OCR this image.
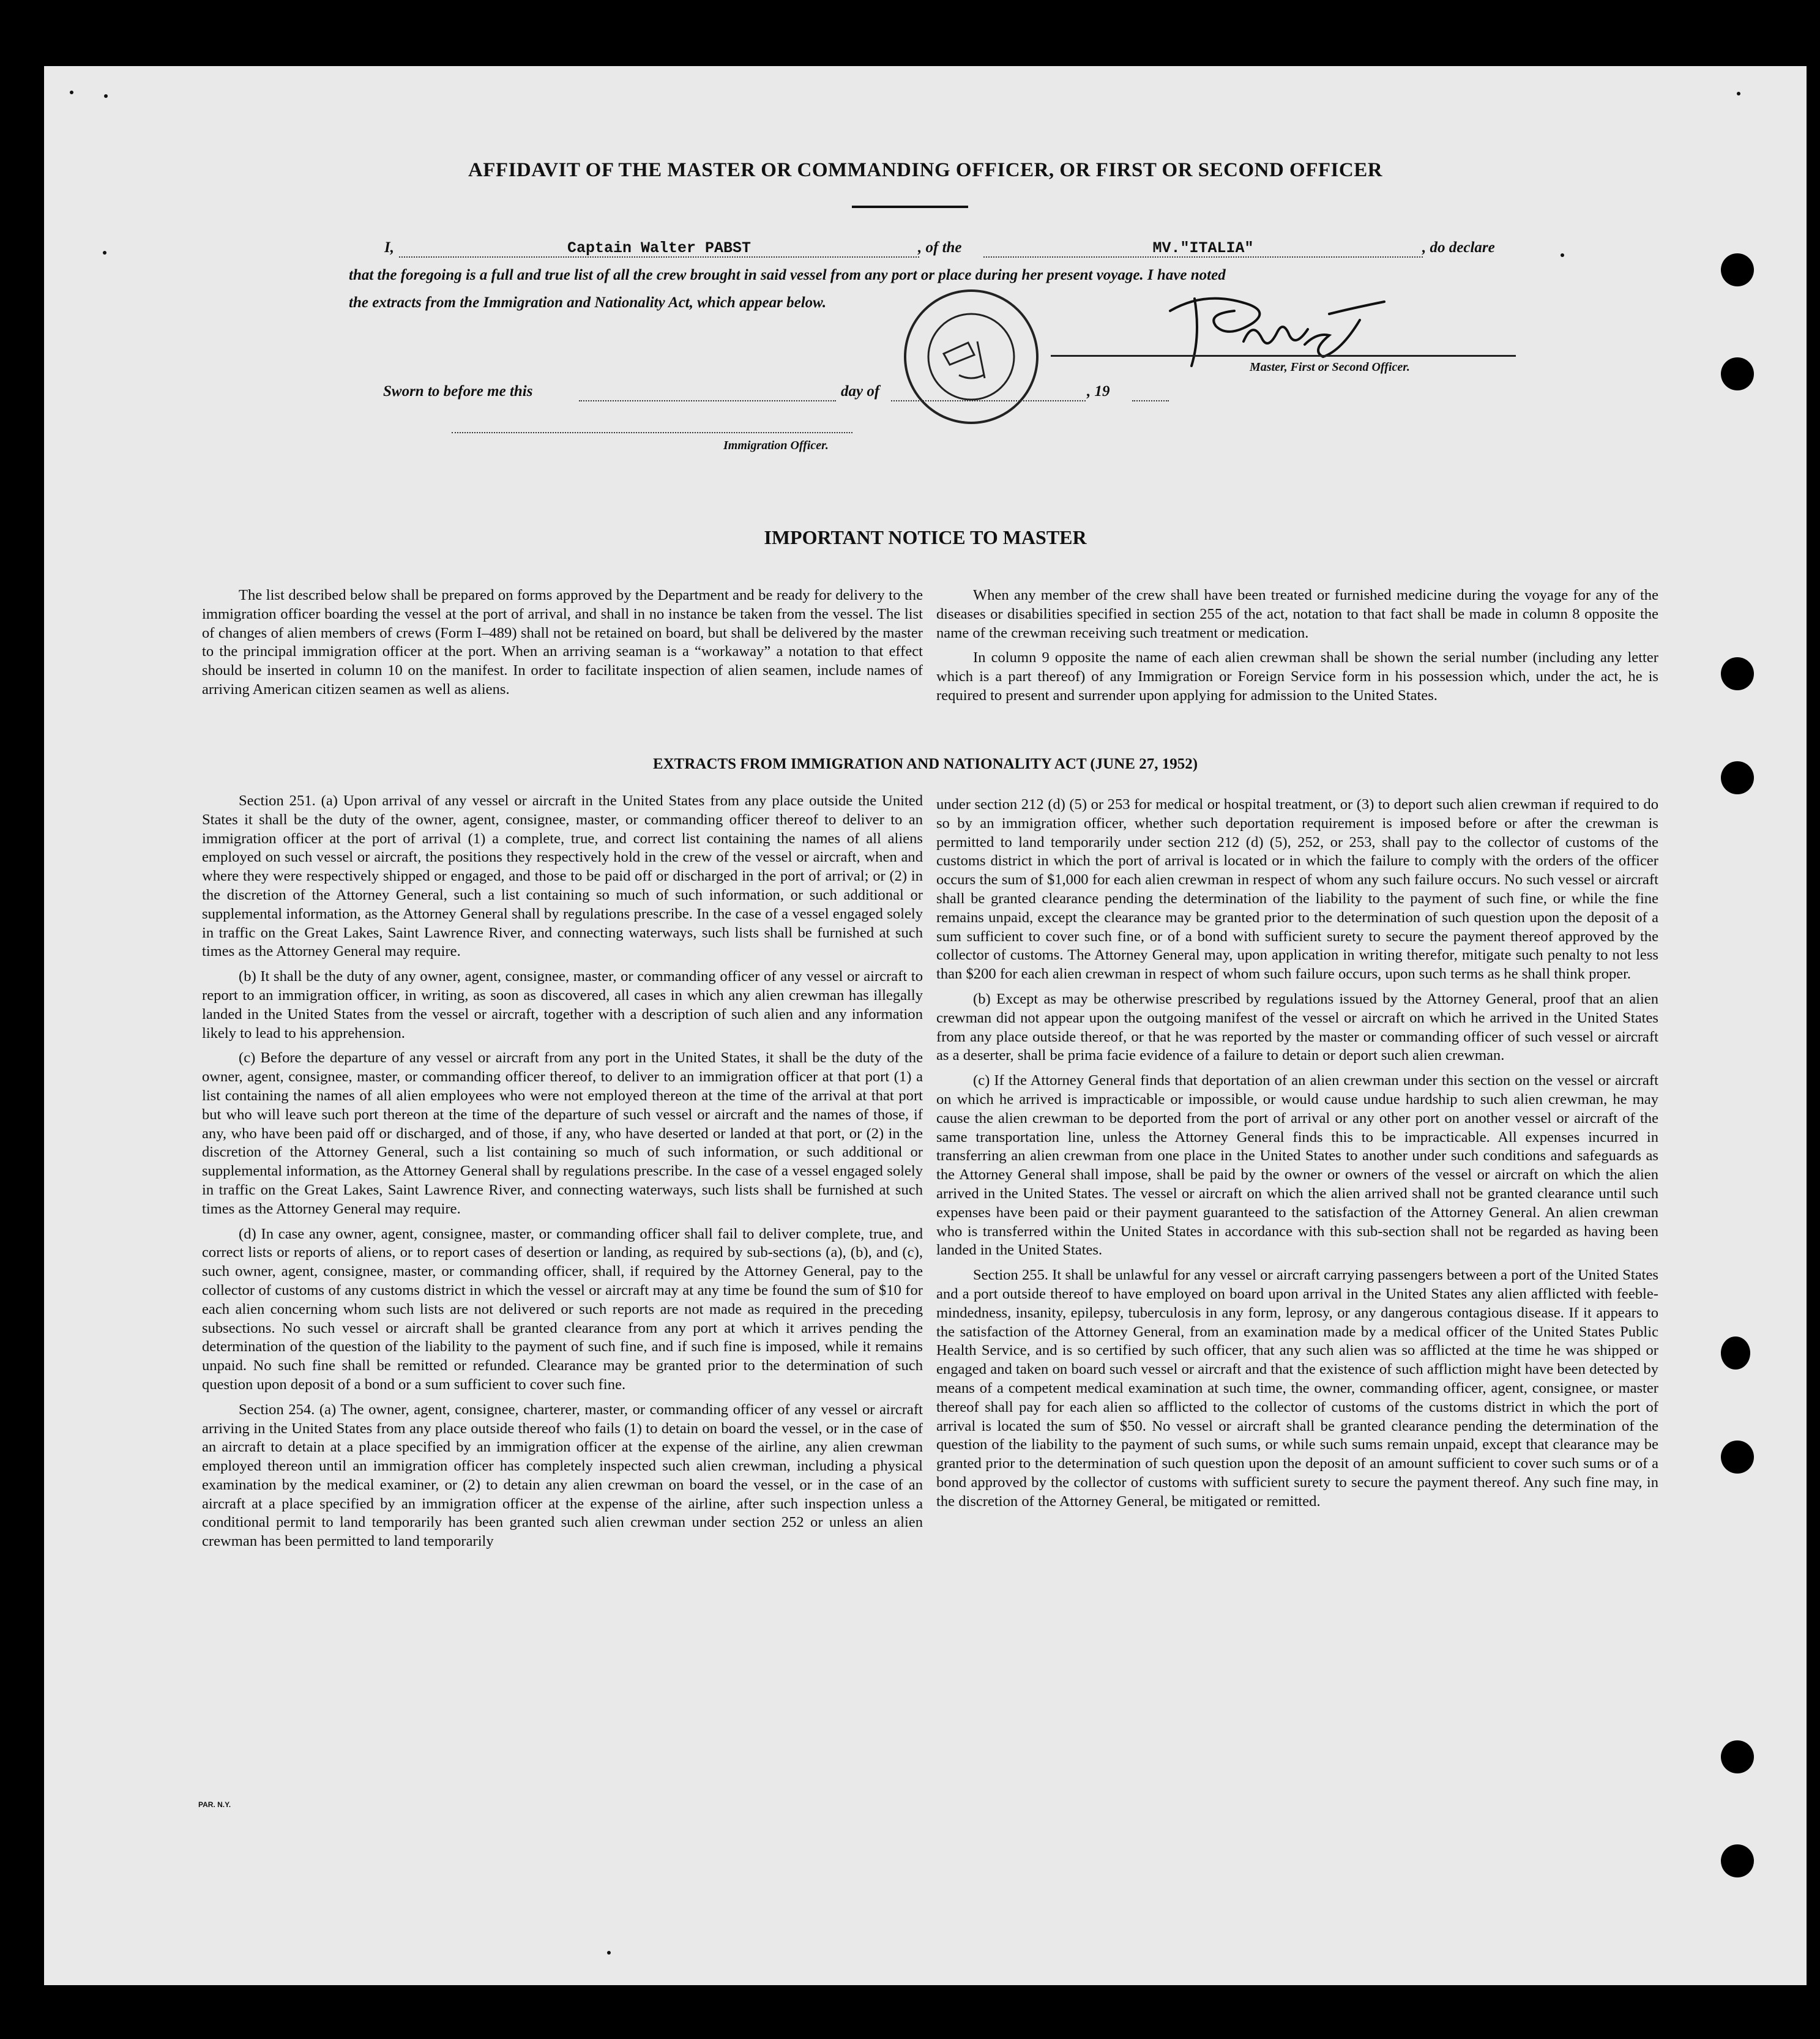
AFFIDAVIT OF THE MASTER OR COMMANDING OFFICER, OR FIRST OR SECOND OFFICER
I,	Captain Walter PABST	, of the	MV."ITALIA"	, do declare
that the foregoing is a full and true list of all the crew brought in said vessel from any port or place during her present voyage. I have noted
the extracts from the Immigration and Nationality Act, which appear below.
Master, First or Second Officer.
Sworn to before me this	day of	, 19
Immigration Officer.
IMPORTANT NOTICE TO MASTER

The list described below shall be prepared on forms approved by the Department and be ready for delivery to the immigration officer boarding the vessel at the port of arrival, and shall in no instance be taken from the vessel. The list of changes of alien members of crews (Form I–489) shall not be retained on board, but shall be delivered by the master to the principal immigration officer at the port. When an arriving seaman is a “workaway” a notation to that effect should be inserted in column 10 on the manifest. In order to facilitate inspection of alien seamen, include names of arriving American citizen seamen as well as aliens.

When any member of the crew shall have been treated or furnished medicine during the voyage for any of the diseases or disabilities specified in section 255 of the act, notation to that fact shall be made in column 8 opposite the name of the crewman receiving such treatment or medication.

In column 9 opposite the name of each alien crewman shall be shown the serial number (including any letter which is a part thereof) of any Immigration or Foreign Service form in his possession which, under the act, he is required to present and surrender upon applying for admission to the United States.

EXTRACTS FROM IMMIGRATION AND NATIONALITY ACT (JUNE 27, 1952)

Section 251. (a) Upon arrival of any vessel or aircraft in the United States from any place outside the United States it shall be the duty of the owner, agent, consignee, master, or commanding officer thereof to deliver to an immigration officer at the port of arrival (1) a complete, true, and correct list containing the names of all aliens employed on such vessel or aircraft, the positions they respectively hold in the crew of the vessel or aircraft, when and where they were respectively shipped or engaged, and those to be paid off or discharged in the port of arrival; or (2) in the discretion of the Attorney General, such a list containing so much of such information, or such additional or supplemental information, as the Attorney General shall by regulations prescribe. In the case of a vessel engaged solely in traffic on the Great Lakes, Saint Lawrence River, and connecting waterways, such lists shall be furnished at such times as the Attorney General may require.

(b) It shall be the duty of any owner, agent, consignee, master, or commanding officer of any vessel or aircraft to report to an immigration officer, in writing, as soon as discovered, all cases in which any alien crewman has illegally landed in the United States from the vessel or aircraft, together with a description of such alien and any information likely to lead to his apprehension.

(c) Before the departure of any vessel or aircraft from any port in the United States, it shall be the duty of the owner, agent, consignee, master, or commanding officer thereof, to deliver to an immigration officer at that port (1) a list containing the names of all alien employees who were not employed thereon at the time of the arrival at that port but who will leave such port thereon at the time of the departure of such vessel or aircraft and the names of those, if any, who have been paid off or discharged, and of those, if any, who have deserted or landed at that port, or (2) in the discretion of the Attorney General, such a list containing so much of such information, or such additional or supplemental information, as the Attorney General shall by regulations prescribe. In the case of a vessel engaged solely in traffic on the Great Lakes, Saint Lawrence River, and connecting waterways, such lists shall be furnished at such times as the Attorney General may require.

(d) In case any owner, agent, consignee, master, or commanding officer shall fail to deliver complete, true, and correct lists or reports of aliens, or to report cases of desertion or landing, as required by sub-sections (a), (b), and (c), such owner, agent, consignee, master, or commanding officer, shall, if required by the Attorney General, pay to the collector of customs of any customs district in which the vessel or aircraft may at any time be found the sum of $10 for each alien concerning whom such lists are not delivered or such reports are not made as required in the preceding subsections. No such vessel or aircraft shall be granted clearance from any port at which it arrives pending the determination of the question of the liability to the payment of such fine, and if such fine is imposed, while it remains unpaid. No such fine shall be remitted or refunded. Clearance may be granted prior to the determination of such question upon deposit of a bond or a sum sufficient to cover such fine.

Section 254. (a) The owner, agent, consignee, charterer, master, or commanding officer of any vessel or aircraft arriving in the United States from any place outside thereof who fails (1) to detain on board the vessel, or in the case of an aircraft to detain at a place specified by an immigration officer at the expense of the airline, any alien crewman employed thereon until an immigration officer has completely inspected such alien crewman, including a physical examination by the medical examiner, or (2) to detain any alien crewman on board the vessel, or in the case of an aircraft at a place specified by an immigration officer at the expense of the airline, after such inspection unless a conditional permit to land temporarily has been granted such alien crewman under section 252 or unless an alien crewman has been permitted to land temporarily

under section 212 (d) (5) or 253 for medical or hospital treatment, or (3) to deport such alien crewman if required to do so by an immigration officer, whether such deportation requirement is imposed before or after the crewman is permitted to land temporarily under section 212 (d) (5), 252, or 253, shall pay to the collector of customs of the customs district in which the port of arrival is located or in which the failure to comply with the orders of the officer occurs the sum of $1,000 for each alien crewman in respect of whom any such failure occurs. No such vessel or aircraft shall be granted clearance pending the determination of the liability to the payment of such fine, or while the fine remains unpaid, except the clearance may be granted prior to the determination of such question upon the deposit of a sum sufficient to cover such fine, or of a bond with sufficient surety to secure the payment thereof approved by the collector of customs. The Attorney General may, upon application in writing therefor, mitigate such penalty to not less than $200 for each alien crewman in respect of whom such failure occurs, upon such terms as he shall think proper.

(b) Except as may be otherwise prescribed by regulations issued by the Attorney General, proof that an alien crewman did not appear upon the outgoing manifest of the vessel or aircraft on which he arrived in the United States from any place outside thereof, or that he was reported by the master or commanding officer of such vessel or aircraft as a deserter, shall be prima facie evidence of a failure to detain or deport such alien crewman.

(c) If the Attorney General finds that deportation of an alien crewman under this section on the vessel or aircraft on which he arrived is impracticable or impossible, or would cause undue hardship to such alien crewman, he may cause the alien crewman to be deported from the port of arrival or any other port on another vessel or aircraft of the same transportation line, unless the Attorney General finds this to be impracticable. All expenses incurred in transferring an alien crewman from one place in the United States to another under such conditions and safeguards as the Attorney General shall impose, shall be paid by the owner or owners of the vessel or aircraft on which the alien arrived in the United States. The vessel or aircraft on which the alien arrived shall not be granted clearance until such expenses have been paid or their payment guaranteed to the satisfaction of the Attorney General. An alien crewman who is transferred within the United States in accordance with this sub-section shall not be regarded as having been landed in the United States.

Section 255. It shall be unlawful for any vessel or aircraft carrying passengers between a port of the United States and a port outside thereof to have employed on board upon arrival in the United States any alien afflicted with feeble-mindedness, insanity, epilepsy, tuberculosis in any form, leprosy, or any dangerous contagious disease. If it appears to the satisfaction of the Attorney General, from an examination made by a medical officer of the United States Public Health Service, and is so certified by such officer, that any such alien was so afflicted at the time he was shipped or engaged and taken on board such vessel or aircraft and that the existence of such affliction might have been detected by means of a competent medical examination at such time, the owner, commanding officer, agent, consignee, or master thereof shall pay for each alien so afflicted to the collector of customs of the customs district in which the port of arrival is located the sum of $50. No vessel or aircraft shall be granted clearance pending the determination of the question of the liability to the payment of such sums, or while such sums remain unpaid, except that clearance may be granted prior to the determination of such question upon the deposit of an amount sufficient to cover such sums or of a bond approved by the collector of customs with sufficient surety to secure the payment thereof. Any such fine may, in the discretion of the Attorney General, be mitigated or remitted.

PAR. N.Y.
